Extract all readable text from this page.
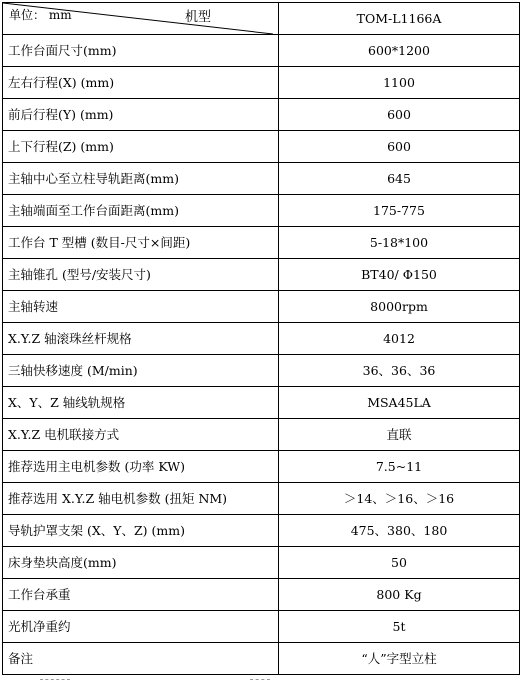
单位： mm 机型	TOM-L1166A
工作台面尺寸(mm)	600*1200
左右行程(X) (mm)	1100
前后行程(Y) (mm)	600
上下行程(Z) (mm)	600
主轴中心至立柱导轨距离(mm)	645
主轴端面至工作台面距离(mm)	175-775
工作台 T 型槽 (数目-尺寸×间距)	5-18*100
主轴锥孔 (型号/安装尺寸)	BT40/ Φ150
主轴转速	8000rpm
X.Y.Z 轴滚珠丝杆规格	4012
三轴快移速度 (M/min)	36、36、36
X、Y、Z 轴线轨规格	MSA45LA
X.Y.Z 电机联接方式	直联
推荐选用主电机参数 (功率 KW)	7.5~11
推荐选用 X.Y.Z 轴电机参数 (扭矩 NM)	＞14、＞16、＞16
导轨护罩支架 (X、Y、Z) (mm)	475、380、180
床身垫块高度(mm)	50
工作台承重	800 Kg
光机净重约	5t
备注	“人”字型立柱
